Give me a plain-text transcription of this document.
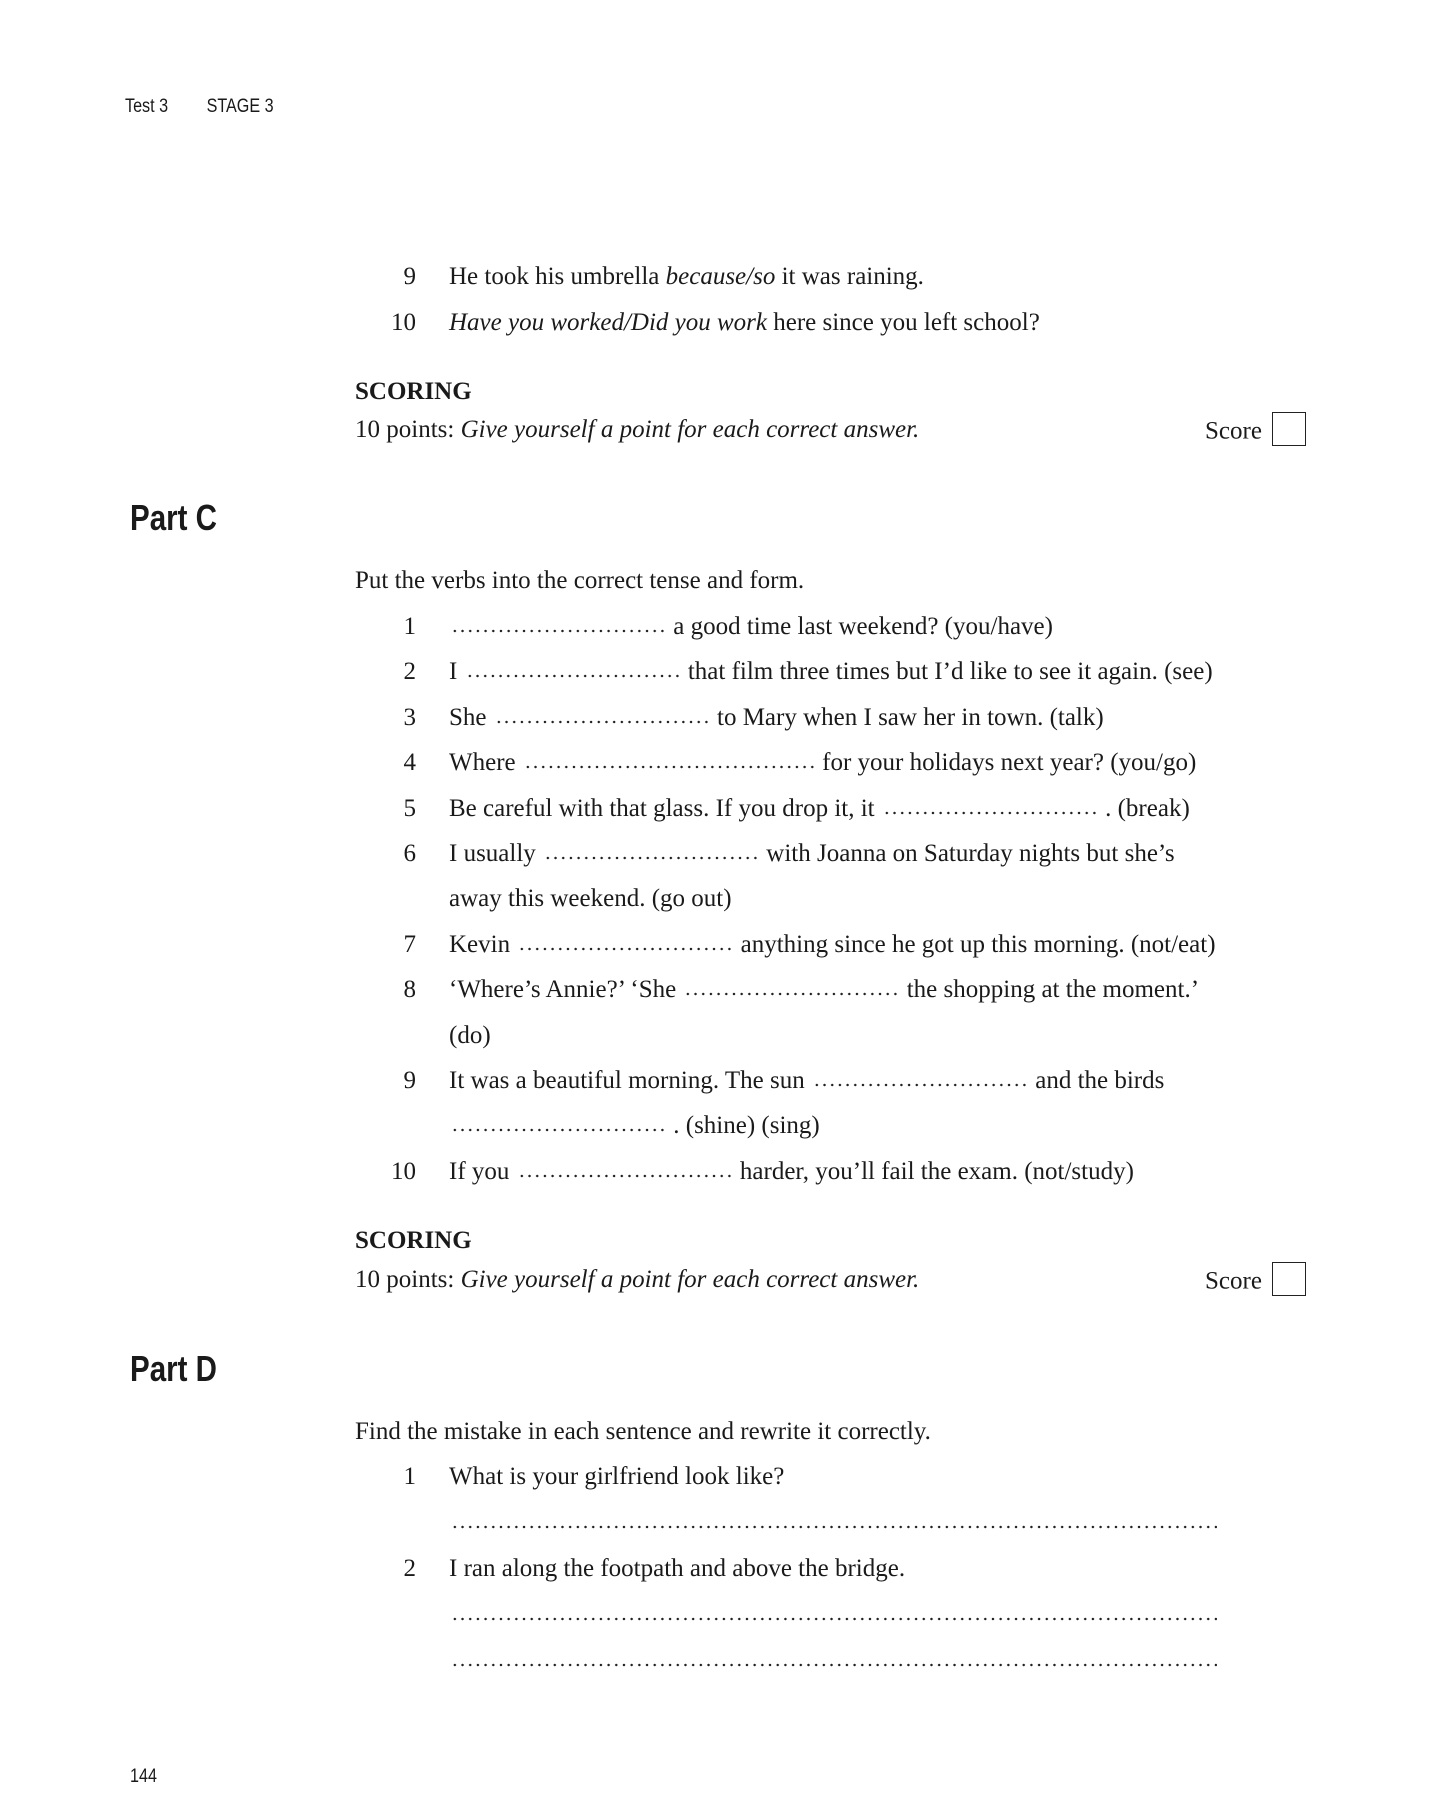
Test 3 STAGE 3
9 He took his umbrella because/so it was raining.
10 Have you worked/Did you work here since you left school?
SCORING
10 points: Give yourself a point for each correct answer.	Score
Part C
Put the verbs into the correct tense and form.
1	a good time last weekend? (you/have)
2 I	that film three times but I’d like to see it again. (see)
3 She	to Mary when I saw her in town. (talk)
4 Where	for your holidays next year? (you/go)
5 Be careful with that glass. If you drop it, it	. (break)
6 I usually	with Joanna on Saturday nights but she’s
away this weekend. (go out)
7 Kevin	anything since he got up this morning. (not/eat)
8 ‘Where’s Annie?’ ‘She	the shopping at the moment.’
(do)
9 It was a beautiful morning. The sun	and the birds
. (shine) (sing)
10 If you	harder, you’ll fail the exam. (not/study)
SCORING
10 points: Give yourself a point for each correct answer.	Score
Part D
Find the mistake in each sentence and rewrite it correctly.
1 What is your girlfriend look like?
2 I ran along the footpath and above the bridge.
144
